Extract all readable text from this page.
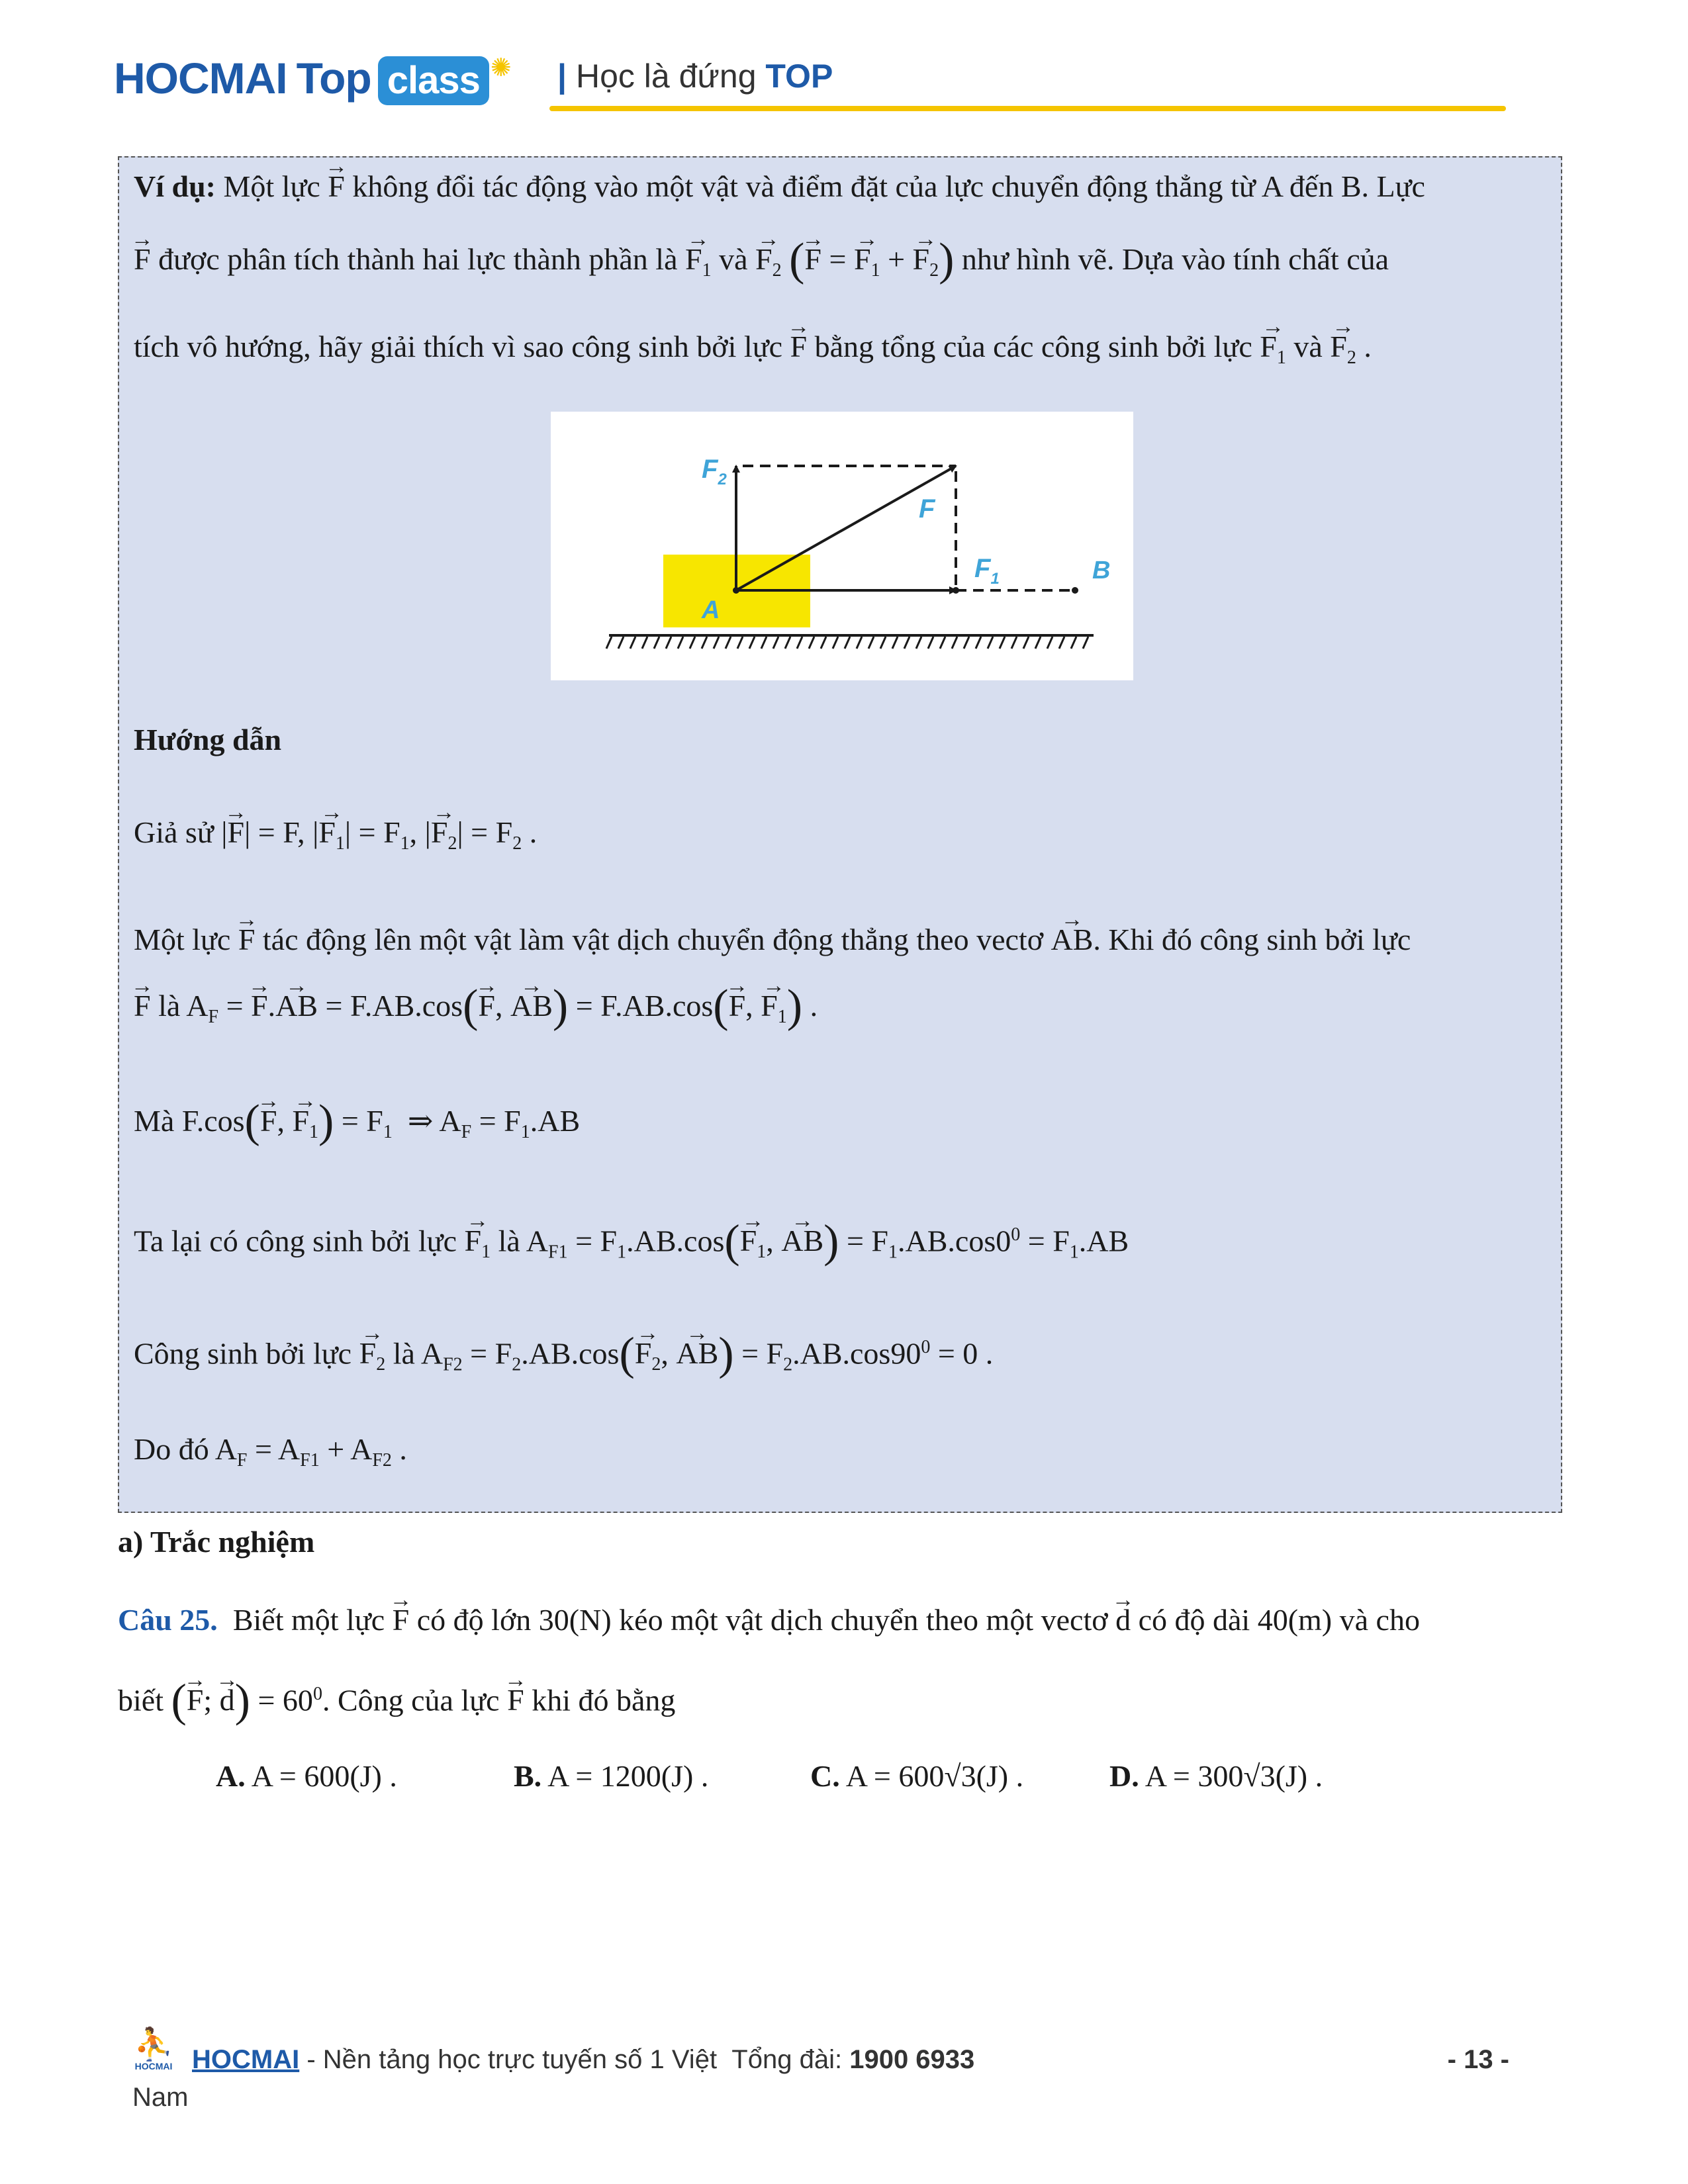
HOCMAI Top class ✺ | Học là đứng TOP
Ví dụ: Một lực → F không đổi tác động vào một vật và điểm đặt của lực chuyển động thẳng từ A đến B. Lực
→ F được phân tích thành hai lực thành phần là → $F_1$ và → $F_2$ (→ F = → $F_1$ + → $F_2$) như hình vẽ. Dựa vào tính chất của
tích vô hướng, hãy giải thích vì sao công sinh bởi lực → F bằng tổng của các công sinh bởi lực → $F_1$ và → $F_2$ .
$F_2$
F
$F_1$
A
B
Hướng dẫn
Giả sử |→ F| = F, |→ $F_1| = F_1$, |→ $F_2| = F_2$ .
Một lực → F tác động lên một vật làm vật dịch chuyển động thẳng theo vectơ → AB. Khi đó công sinh bởi lực
→ F là $A_F$ = → F.→ AB = F.AB.cos(→ F, → AB) = F.AB.cos(→ F, → $F_1$) .
Mà F.cos(→ F, → $F_1) = F_1$  ⇒ $A_F = F_1.AB$
Ta lại có công sinh bởi lực → $F_1$ là $A_{F1} = F_1.AB.\cos(\to F_1$, → $AB) = F_1.AB.\cos 0^0 = F_1.AB$
Công sinh bởi lực → $F_2$ là $A_{F2} = F_2.AB.\cos(\to F_2$, → $AB) = F_2.AB.\cos 90^0 = 0$ .
Do đó $A_F = A_{F1} + A_{F2}$ .
a) Trắc nghiệm
Câu 25. Biết một lực → F có độ lớn 30(N) kéo một vật dịch chuyển theo một vectơ → d có độ dài 40(m) và cho
biết (→ F; → $d) = 60^0$. Công của lực → F khi đó bằng
A. A = 600(J) .	B. A = 1200(J) .	C. A = 600√3(J) .	D. A = 300√3(J) .
⛹
HOCMAI HOCMAI - Nền tảng học trực tuyến số 1 Việt Tổng đài: 1900 6933
Nam
- 13 -
